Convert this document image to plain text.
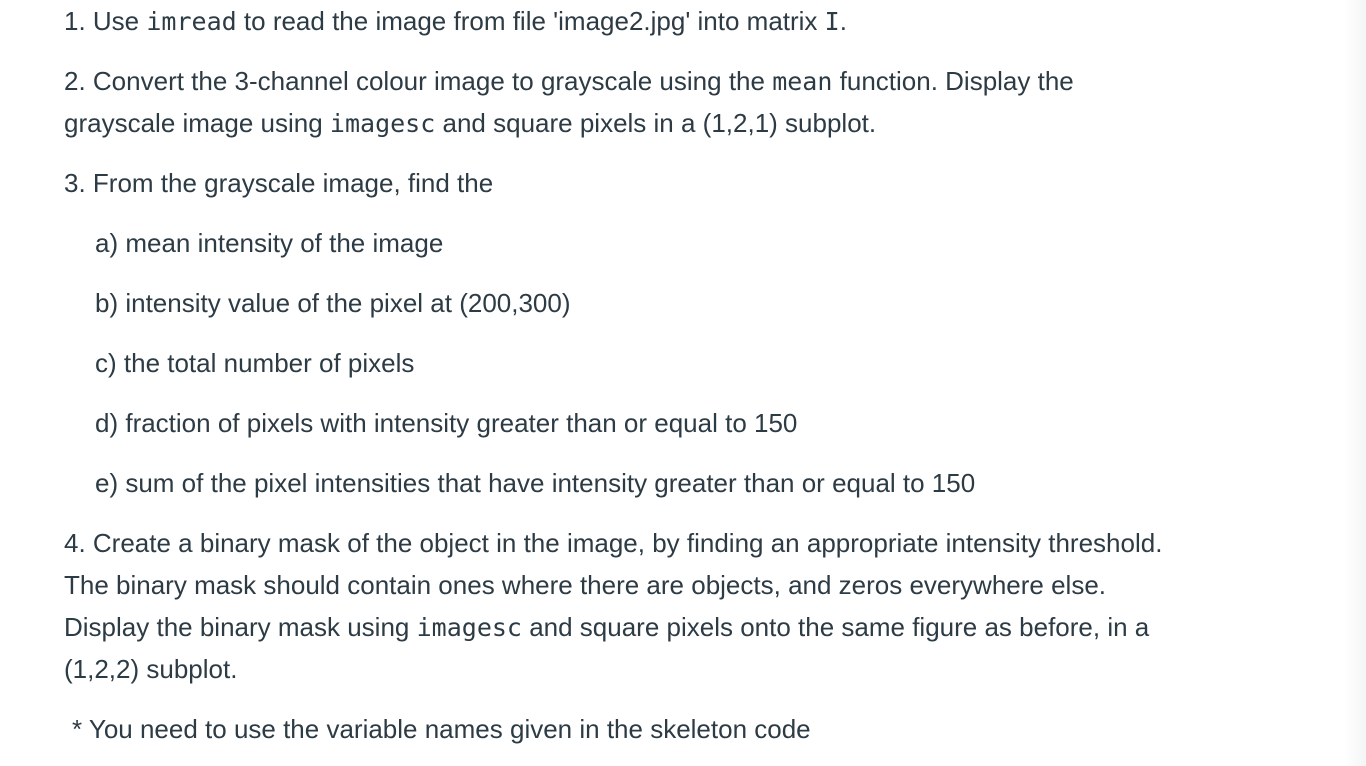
1. Use imread to read the image from file 'image2.jpg' into matrix I.

2. Convert the 3-channel colour image to grayscale using the mean function. Display the

grayscale image using imagesc and square pixels in a (1,2,1) subplot.

3. From the grayscale image, find the

a) mean intensity of the image

b) intensity value of the pixel at (200,300)

c) the total number of pixels

d) fraction of pixels with intensity greater than or equal to 150

e) sum of the pixel intensities that have intensity greater than or equal to 150

4. Create a binary mask of the object in the image, by finding an appropriate intensity threshold.

The binary mask should contain ones where there are objects, and zeros everywhere else.

Display the binary mask using imagesc and square pixels onto the same figure as before, in a

(1,2,2) subplot.

* You need to use the variable names given in the skeleton code
